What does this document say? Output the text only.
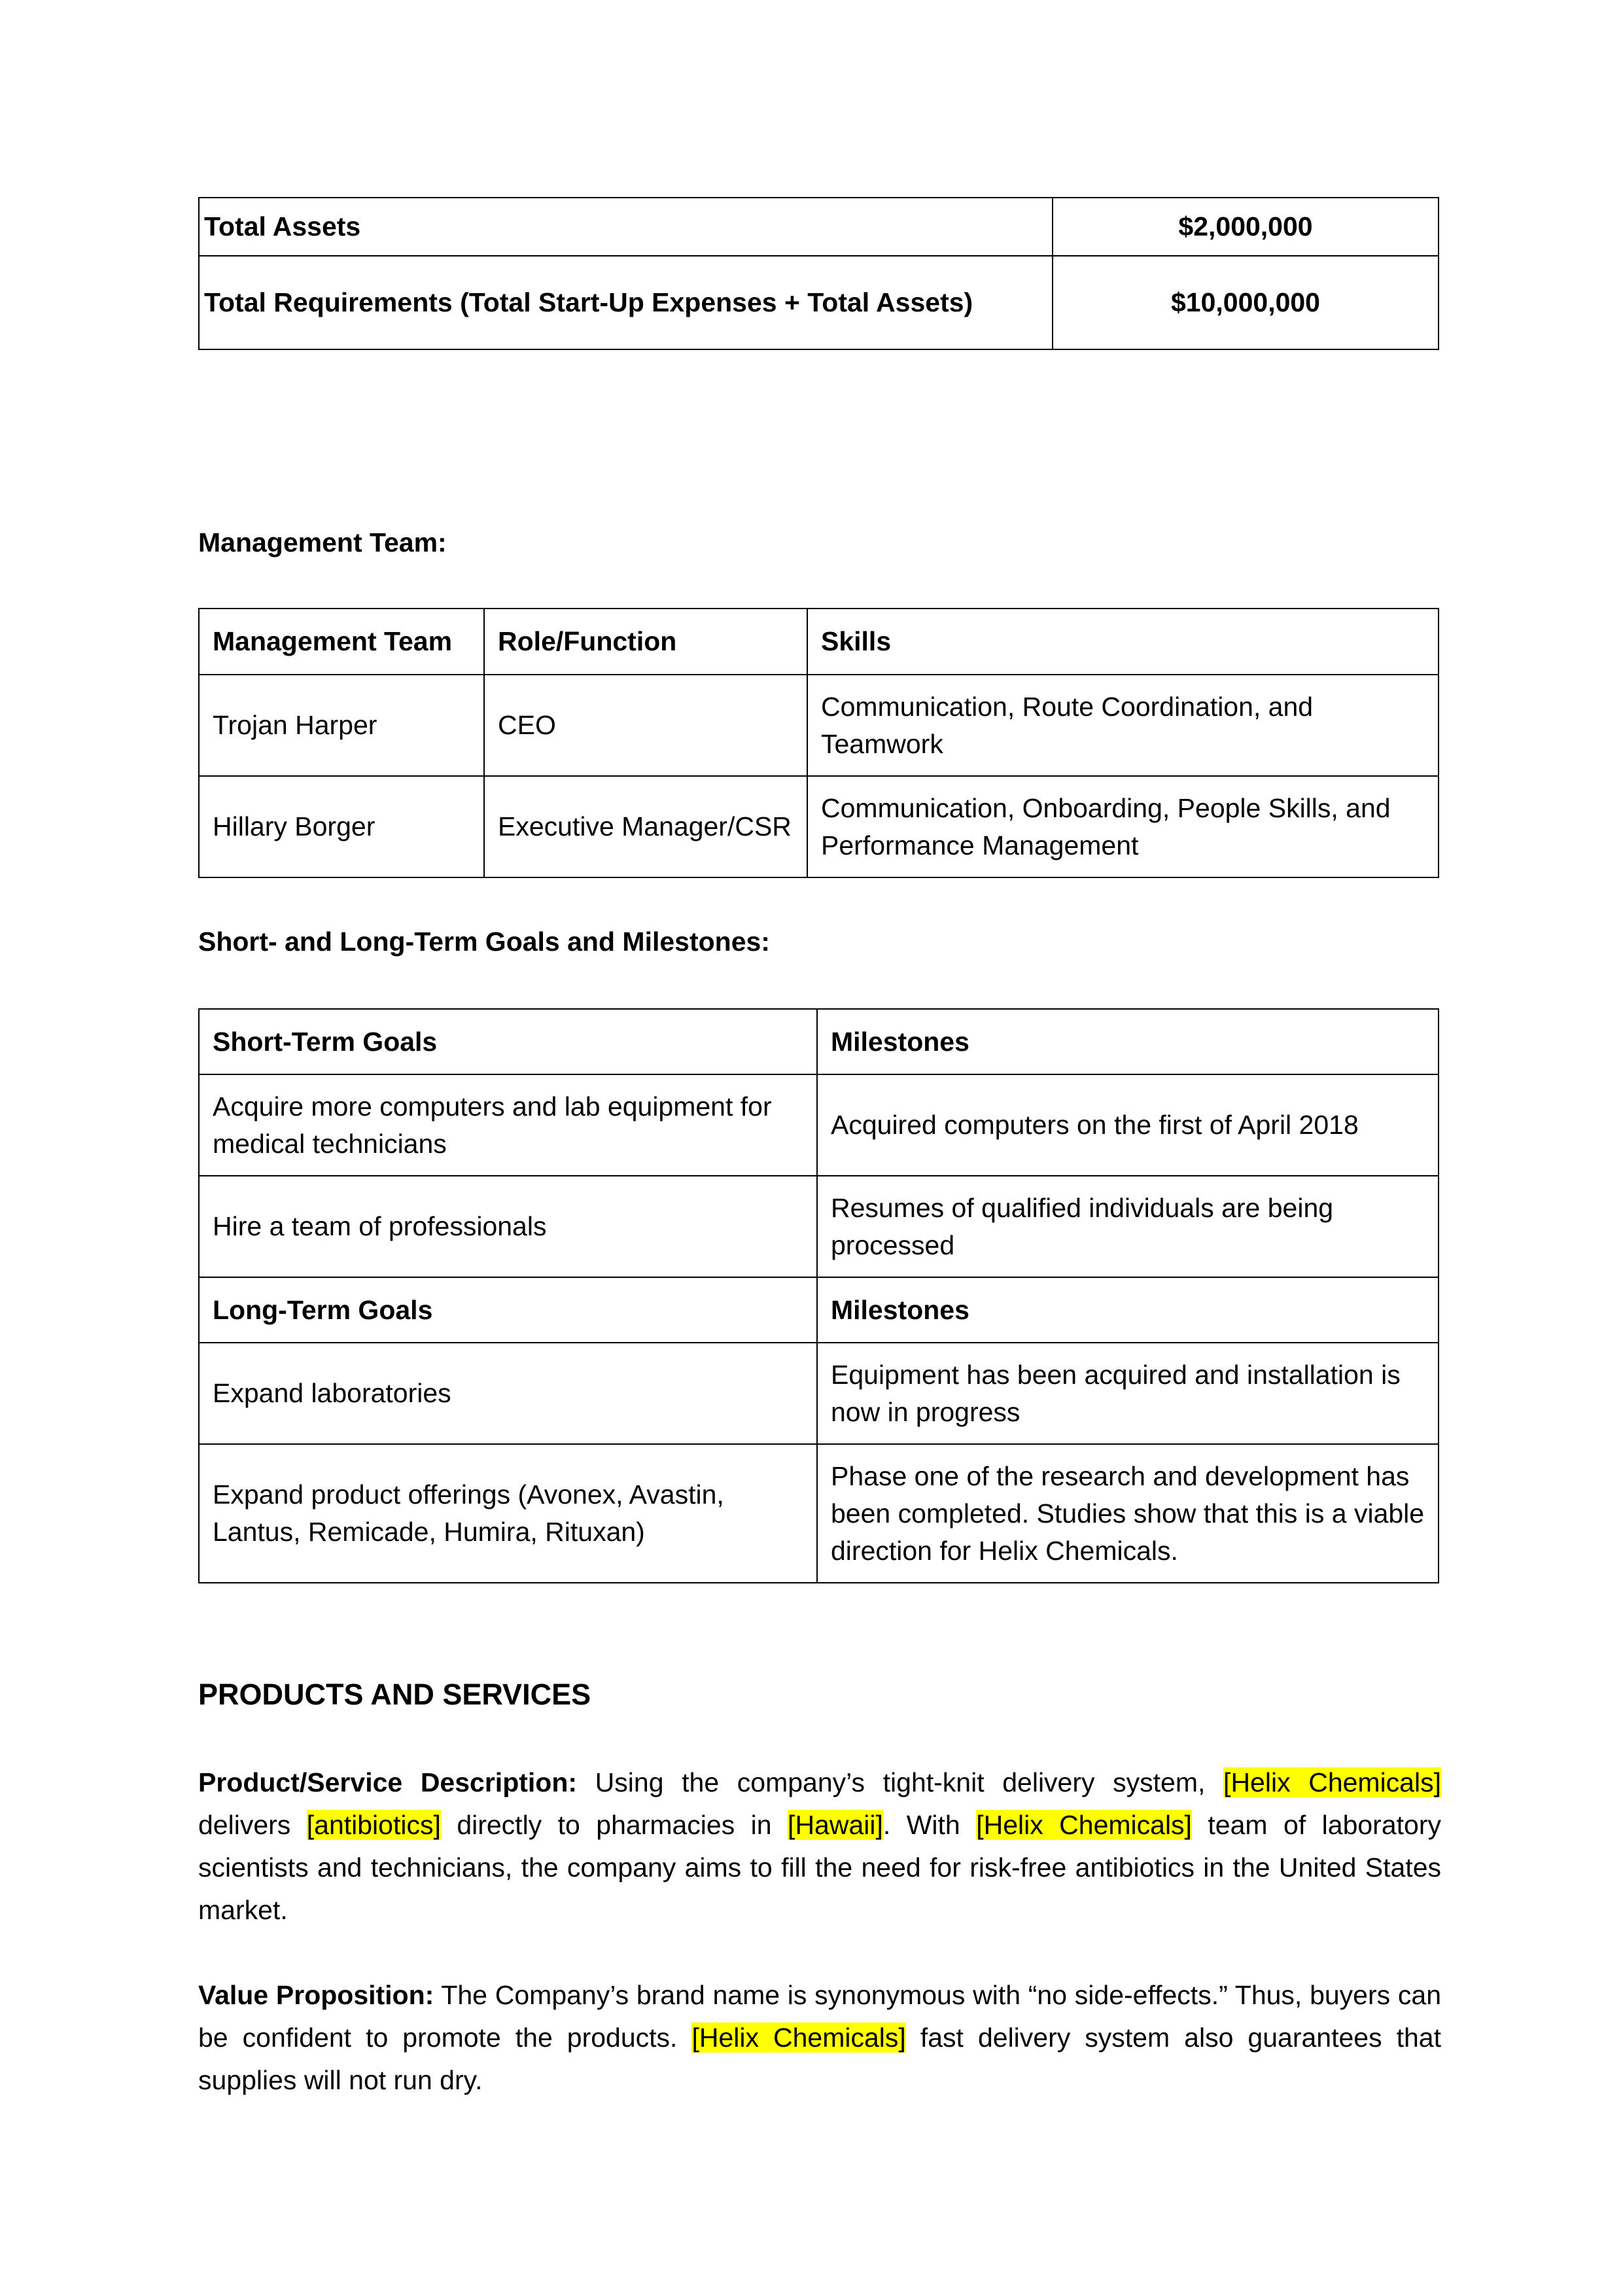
Total Assets	$2,000,000
Total Requirements (Total Start-Up Expenses + Total Assets)	$10,000,000
Management Team:
Management Team	Role/Function	Skills
Trojan Harper	CEO	Communication, Route Coordination, and Teamwork
Hillary Borger	Executive Manager/CSR	Communication, Onboarding, People Skills, and Performance Management
Short- and Long-Term Goals and Milestones:
Short-Term Goals	Milestones
Acquire more computers and lab equipment for medical technicians	Acquired computers on the first of April 2018
Hire a team of professionals	Resumes of qualified individuals are being processed
Long-Term Goals	Milestones
Expand laboratories	Equipment has been acquired and installation is now in progress
Expand product offerings (Avonex, Avastin, Lantus, Remicade, Humira, Rituxan)	Phase one of the research and development has been completed. Studies show that this is a viable direction for Helix Chemicals.
PRODUCTS AND SERVICES
Product/Service Description: Using the company’s tight-knit delivery system, [Helix Chemicals] delivers [antibiotics] directly to pharmacies in [Hawaii]. With [Helix Chemicals] team of laboratory scientists and technicians, the company aims to fill the need for risk-free antibiotics in the United States market.
Value Proposition: The Company’s brand name is synonymous with “no side-effects.” Thus, buyers can be confident to promote the products. [Helix Chemicals] fast delivery system also guarantees that supplies will not run dry.
